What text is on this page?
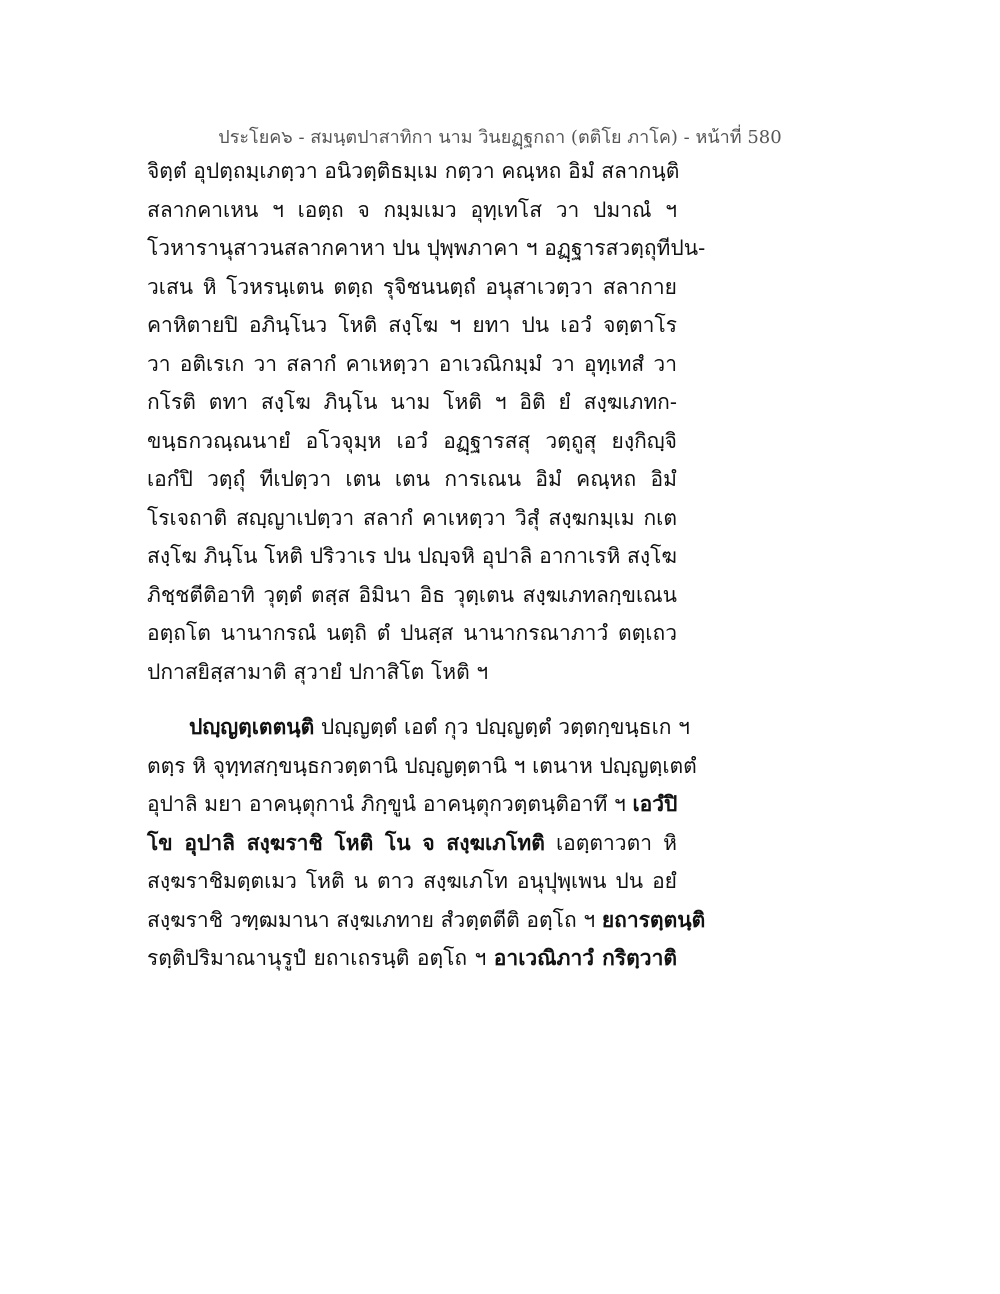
ประโยค๖ - สมนฺตปาสาทิกา นาม วินยฏฺฐกถา (ตติโย ภาโค) - หน้าที่ 580
จิตฺตํ อุปตฺถมฺเภตฺวา อนิวตฺติธมฺเม กตฺวา คณฺหถ อิมํ สลากนฺติ
สลากคาเหน ฯ เอตฺถ จ กมฺมเมว อุทฺเทโส วา ปมาณํ ฯ
โวหารานุสาวนสลากคาหา ปน ปุพฺพภาคา ฯ อฏฺฐารสวตฺถุทีปน-
วเสน หิ โวหรนฺเตน ตตฺถ รุจิชนนตฺถํ อนุสาเวตฺวา สลากาย
คาหิตายปิ อภินฺโนว โหติ สงฺโฆ ฯ ยทา ปน เอวํ จตฺตาโร
วา อติเรเก วา สลากํ คาเหตฺวา อาเวณิกมฺมํ วา อุทฺเทสํ วา
กโรติ ตทา สงฺโฆ ภินฺโน นาม โหติ ฯ อิติ ยํ สงฺฆเภทก-
ขนฺธกวณฺณนายํ อโวจุมฺห เอวํ อฏฺฐารสสุ วตฺถูสุ ยงฺกิญฺจิ
เอกํปิ วตฺถุํ ทีเปตฺวา เตน เตน การเณน อิมํ คณฺหถ อิมํ
โรเจถาติ สญฺญาเปตฺวา สลากํ คาเหตฺวา วิสุํ สงฺฆกมฺเม กเต
สงฺโฆ ภินฺโน โหติ ปริวาเร ปน ปญฺจหิ อุปาลิ อากาเรหิ สงฺโฆ
ภิชฺชตีติอาทิ วุตฺตํ ตสฺส อิมินา อิธ วุตฺเตน สงฺฆเภทลกฺขเณน
อตฺถโต นานากรณํ นตฺถิ ตํ ปนสฺส นานากรณาภาวํ ตตฺเถว
ปกาสยิสฺสามาติ สุวายํ ปกาสิโต โหติ ฯ
ปญฺญตฺเตตนฺติ ปญฺญตฺตํ เอตํ กุว ปญฺญตฺตํ วตฺตกฺขนฺธเก ฯ
ตตฺร หิ จุทฺทสกฺขนฺธกวตฺตานิ ปญฺญตฺตานิ ฯ เตนาห ปญฺญตฺเตตํ
อุปาลิ มยา อาคนฺตุกานํ ภิกฺขูนํ อาคนฺตุกวตฺตนฺติอาทึ ฯ เอวํปิ
โข อุปาลิ สงฺฆราชิ โหติ โน จ สงฺฆเภโทติ เอตฺตาวตา หิ
สงฺฆราชิมตฺตเมว โหติ น ตาว สงฺฆเภโท อนุปุพฺเพน ปน อยํ
สงฺฆราชิ วฑฺฒมานา สงฺฆเภทาย สํวตฺตตีติ อตฺโถ ฯ ยถารตฺตนฺติ
รตฺติปริมาณานุรูปํ ยถาเถรนฺติ อตฺโถ ฯ อาเวณิภาวํ กริตฺวาติ
